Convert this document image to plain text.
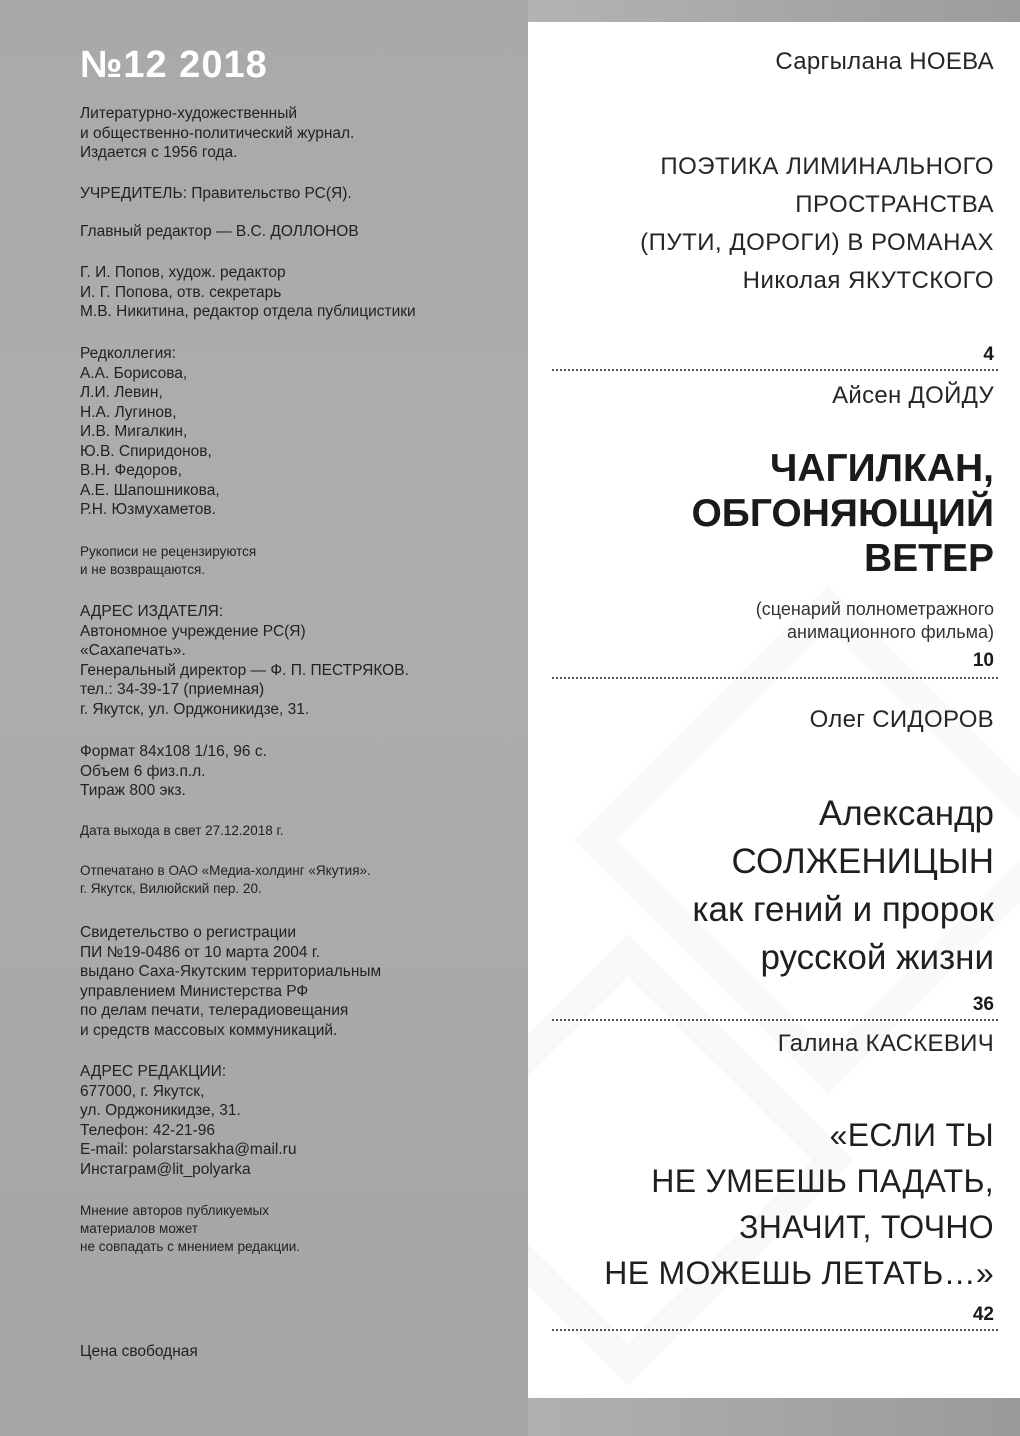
№12 2018
Литературно-художественный
и общественно-политический журнал.
Издается с 1956 года.
УЧРЕДИТЕЛЬ: Правительство РС(Я).
Главный редактор — В.С. ДОЛЛОНОВ
Г. И. Попов, худож. редактор
И. Г. Попова, отв. секретарь
М.В. Никитина, редактор отдела публицистики
Редколлегия:
А.А. Борисова,
Л.И. Левин,
Н.А. Лугинов,
И.В. Мигалкин,
Ю.В. Спиридонов,
В.Н. Федоров,
А.Е. Шапошникова,
Р.Н. Юзмухаметов.
Рукописи не рецензируются
и не возвращаются.
АДРЕС ИЗДАТЕЛЯ:
Автономное учреждение РС(Я)
«Сахапечать».
Генеральный директор — Ф. П. ПЕСТРЯКОВ.
тел.: 34-39-17 (приемная)
г. Якутск, ул. Орджоникидзе, 31.
Формат 84х108 1/16, 96 с.
Объем 6 физ.п.л.
Тираж 800 экз.
Дата выхода в свет 27.12.2018 г.
Отпечатано в ОАО «Медиа-холдинг «Якутия».
г. Якутск, Вилюйский пер. 20.
Свидетельство о регистрации
ПИ №19-0486 от 10 марта 2004 г.
выдано Саха-Якутским территориальным
управлением Министерства РФ
по делам печати, телерадиовещания
и средств массовых коммуникаций.
АДРЕС РЕДАКЦИИ:
677000, г. Якутск,
ул. Орджоникидзе, 31.
Телефон: 42-21-96
E-mail: polarstarsakha@mail.ru
Инстаграм@lit_polyarka
Мнение авторов публикуемых
материалов может
не совпадать с мнением редакции.
Цена свободная
Саргылана НОЕВА
ПОЭТИКА ЛИМИНАЛЬНОГО
ПРОСТРАНСТВА
(ПУТИ, ДОРОГИ) В РОМАНАХ
Николая ЯКУТСКОГО
4
Айсен ДОЙДУ
ЧАГИЛКАН,
ОБГОНЯЮЩИЙ
ВЕТЕР
(сценарий полнометражного
анимационного фильма)
10
Олег СИДОРОВ
Александр
СОЛЖЕНИЦЫН
как гений и пророк
русской жизни
36
Галина КАСКЕВИЧ
«ЕСЛИ ТЫ
НЕ УМЕЕШЬ ПАДАТЬ,
ЗНАЧИТ, ТОЧНО
НЕ МОЖЕШЬ ЛЕТАТЬ…»
42
